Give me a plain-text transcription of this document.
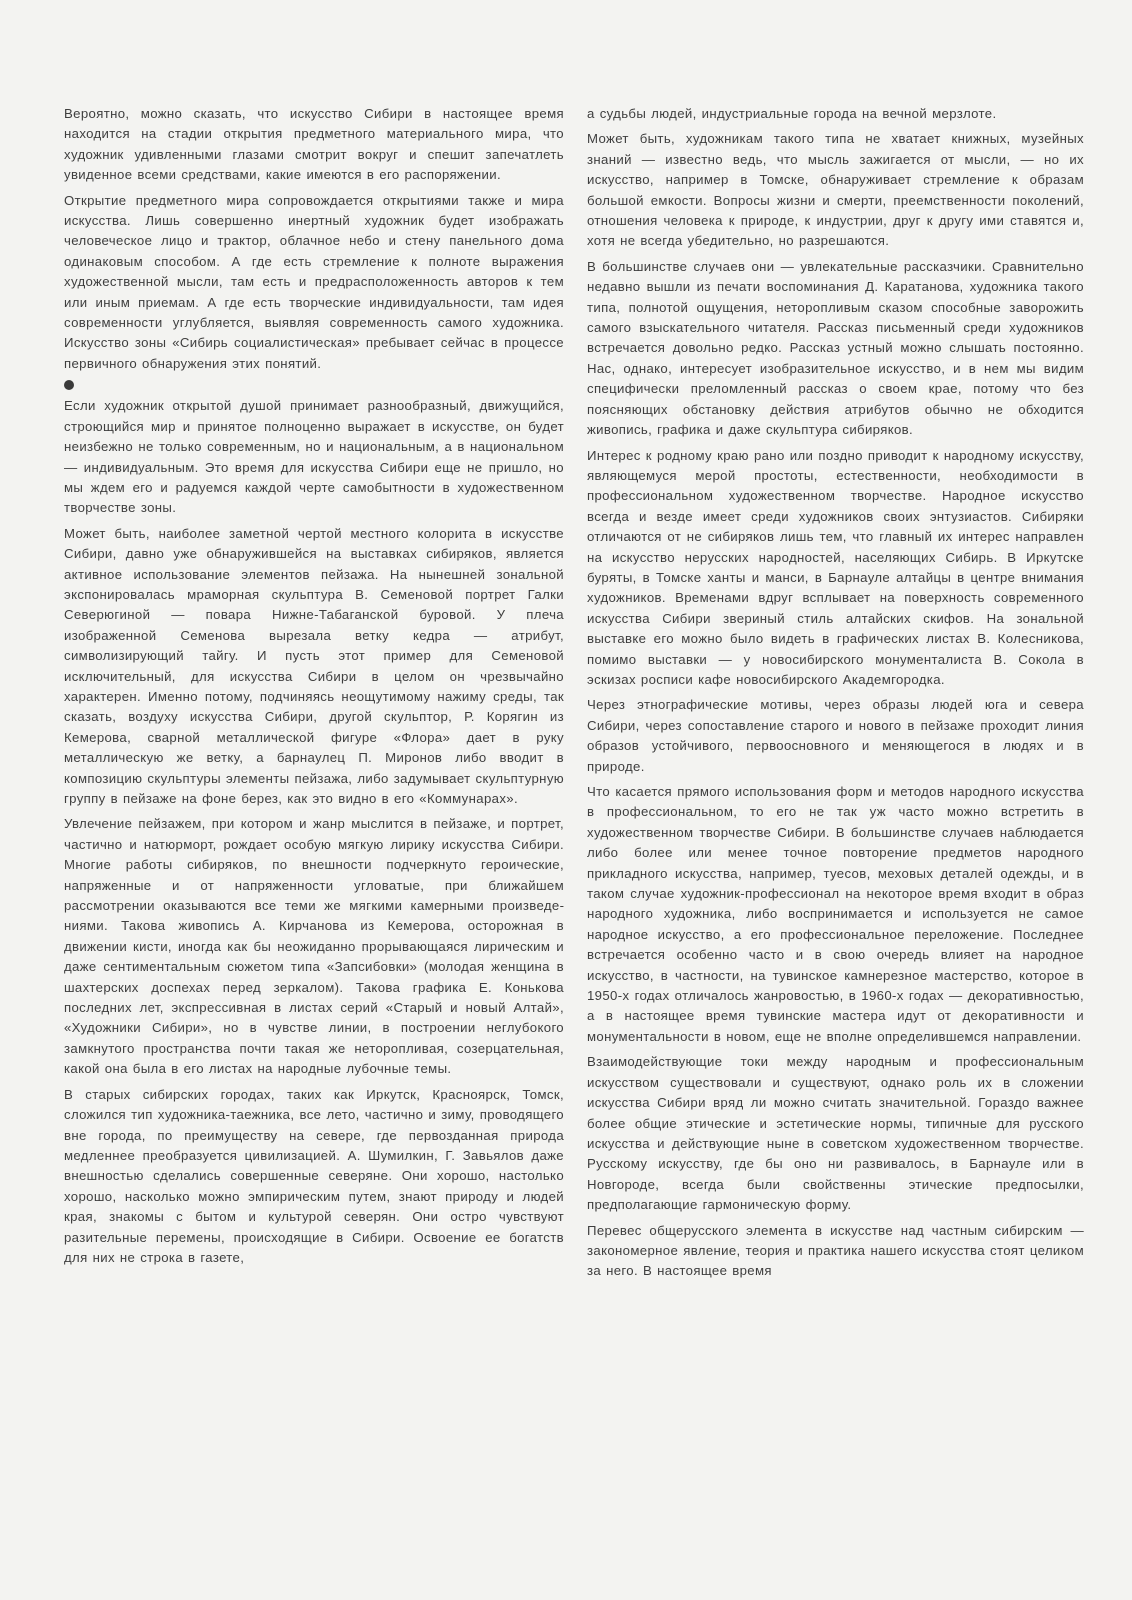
Вероятно, можно сказать, что искусство Сибири в настоящее время находится на стадии открытия предметного материального мира, что художник удивленными глазами смотрит вокруг и спешит запечатлеть увиденное всеми средствами, какие имеются в его распоряжении.

Открытие предметного мира сопровождается открытиями также и мира искусства. Лишь совершенно инертный художник будет изображать человеческое лицо и трактор, облачное небо и стену панельного дома одинаковым способом. А где есть стремление к полноте выражения художественной мысли, там есть и предрасположенность авторов к тем или иным приемам. А где есть творческие индивидуальности, там идея современности углубляется, выявляя современность самого художника. Искусство зоны «Сибирь социалистическая» пребывает сейчас в процессе первичного обнаружения этих понятий.

Если художник открытой душой принимает разнообразный, движущийся, строющийся мир и принятое полноценно выражает в искусстве, он будет неизбежно не только современным, но и национальным, а в национальном — индивидуальным. Это время для искусства Сибири еще не пришло, но мы ждем его и радуемся каждой черте самобытности в художественном творчестве зоны.

Может быть, наиболее заметной чертой местного колорита в искусстве Сибири, давно уже обнаружившейся на выставках сибиряков, является активное использование элементов пейзажа. На нынешней зональной экспонировалась мраморная скульптура В. Семеновой портрет Галки Северюгиной — повара Нижне-Табаганской буровой. У плеча изображенной Семенова вырезала ветку кедра — атрибут, символизирующий тайгу. И пусть этот пример для Семеновой исключительный, для искусства Сибири в целом он чрезвычайно характерен. Именно потому, подчиняясь неощутимому нажиму среды, так сказать, воздуху искусства Сибири, другой скульптор, Р. Корягин из Кемерова, сварной металлической фигуре «Флора» дает в руку металлическую же ветку, а барнаулец П. Миронов либо вводит в композицию скульптуры элементы пейзажа, либо задумывает скульптурную группу в пейзаже на фоне берез, как это видно в его «Коммунарах».

Увлечение пейзажем, при котором и жанр мыслится в пейзаже, и портрет, частично и натюрморт, рождает особую мягкую лирику искусства Сибири. Многие работы сибиряков, по внешности подчеркнуто героические, напряженные и от напряженности угловатые, при ближайшем рассмотрении оказываются все теми же мягкими камерными произведениями. Такова живопись А. Кирчанова из Кемерова, осторожная в движении кисти, иногда как бы неожиданно прорывающаяся лирическим и даже сентиментальным сюжетом типа «Запсибовки» (молодая женщина в шахтерских доспехах перед зеркалом). Такова графика Е. Конькова последних лет, экспрессивная в листах серий «Старый и новый Алтай», «Художники Сибири», но в чувстве линии, в построении неглубокого замкнутого пространства почти такая же неторопливая, созерцательная, какой она была в его листах на народные лубочные темы.

В старых сибирских городах, таких как Иркутск, Красноярск, Томск, сложился тип художника-таежника, все лето, частично и зиму, проводящего вне города, по преимуществу на севере, где первозданная природа медленнее преобразуется цивилизацией. А. Шумилкин, Г. Завьялов даже внешностью сделались совершенные северяне. Они хорошо, настолько хорошо, насколько можно эмпирическим путем, знают природу и людей края, знакомы с бытом и культурой северян. Они остро чувствуют разительные перемены, происходящие в Сибири. Освоение ее богатств для них не строка в газете,

а судьбы людей, индустриальные города на вечной мерзлоте.

Может быть, художникам такого типа не хватает книжных, музейных знаний — известно ведь, что мысль зажигается от мысли, — но их искусство, например в Томске, обнаруживает стремление к образам большой емкости. Вопросы жизни и смерти, преемственности поколений, отношения человека к природе, к индустрии, друг к другу ими ставятся и, хотя не всегда убедительно, но разрешаются.

В большинстве случаев они — увлекательные рассказчики. Сравнительно недавно вышли из печати воспоминания Д. Каратанова, художника такого типа, полнотой ощущения, неторопливым сказом способные заворожить самого взыскательного читателя. Рассказ письменный среди художников встречается довольно редко. Рассказ устный можно слышать постоянно. Нас, однако, интересует изобразительное искусство, и в нем мы видим специфически преломленный рассказ о своем крае, потому что без поясняющих обстановку действия атрибутов обычно не обходится живопись, графика и даже скульптура сибиряков.

Интерес к родному краю рано или поздно приводит к народному искусству, являющемуся мерой простоты, естественности, необходимости в профессиональном художественном творчестве. Народное искусство всегда и везде имеет среди художников своих энтузиастов. Сибиряки отличаются от не сибиряков лишь тем, что главный их интерес направлен на искусство нерусских народностей, населяющих Сибирь. В Иркутске буряты, в Томске ханты и манси, в Барнауле алтайцы в центре внимания художников. Временами вдруг всплывает на поверхность современного искусства Сибири звериный стиль алтайских скифов. На зональной выставке его можно было видеть в графических листах В. Колесникова, помимо выставки — у новосибирского монументалиста В. Сокола в эскизах росписи кафе новосибирского Академгородка.

Через этнографические мотивы, через образы людей юга и севера Сибири, через сопоставление старого и нового в пейзаже проходит линия образов устойчивого, первоосновного и меняющегося в людях и в природе.

Что касается прямого использования форм и методов народного искусства в профессиональном, то его не так уж часто можно встретить в художественном творчестве Сибири. В большинстве случаев наблюдается либо более или менее точное повторение предметов народного прикладного искусства, например, туесов, меховых деталей одежды, и в таком случае художник-профессионал на некоторое время входит в образ народного художника, либо воспринимается и используется не самое народное искусство, а его профессиональное переложение. Последнее встречается особенно часто и в свою очередь влияет на народное искусство, в частности, на тувинское камнерезное мастерство, которое в 1950-х годах отличалось жанровостью, в 1960-х годах — декоративностью, а в настоящее время тувинские мастера идут от декоративности и монументальности в новом, еще не вполне определившемся направлении.

Взаимодействующие токи между народным и профессиональным искусством существовали и существуют, однако роль их в сложении искусства Сибири вряд ли можно считать значительной. Гораздо важнее более общие этические и эстетические нормы, типичные для русского искусства и действующие ныне в советском художественном творчестве. Русскому искусству, где бы оно ни развивалось, в Барнауле или в Новгороде, всегда были свойственны этические предпосылки, предполагающие гармоническую форму.

Перевес общерусского элемента в искусстве над частным сибирским — закономерное явление, теория и практика нашего искусства стоят целиком за него. В настоящее время
